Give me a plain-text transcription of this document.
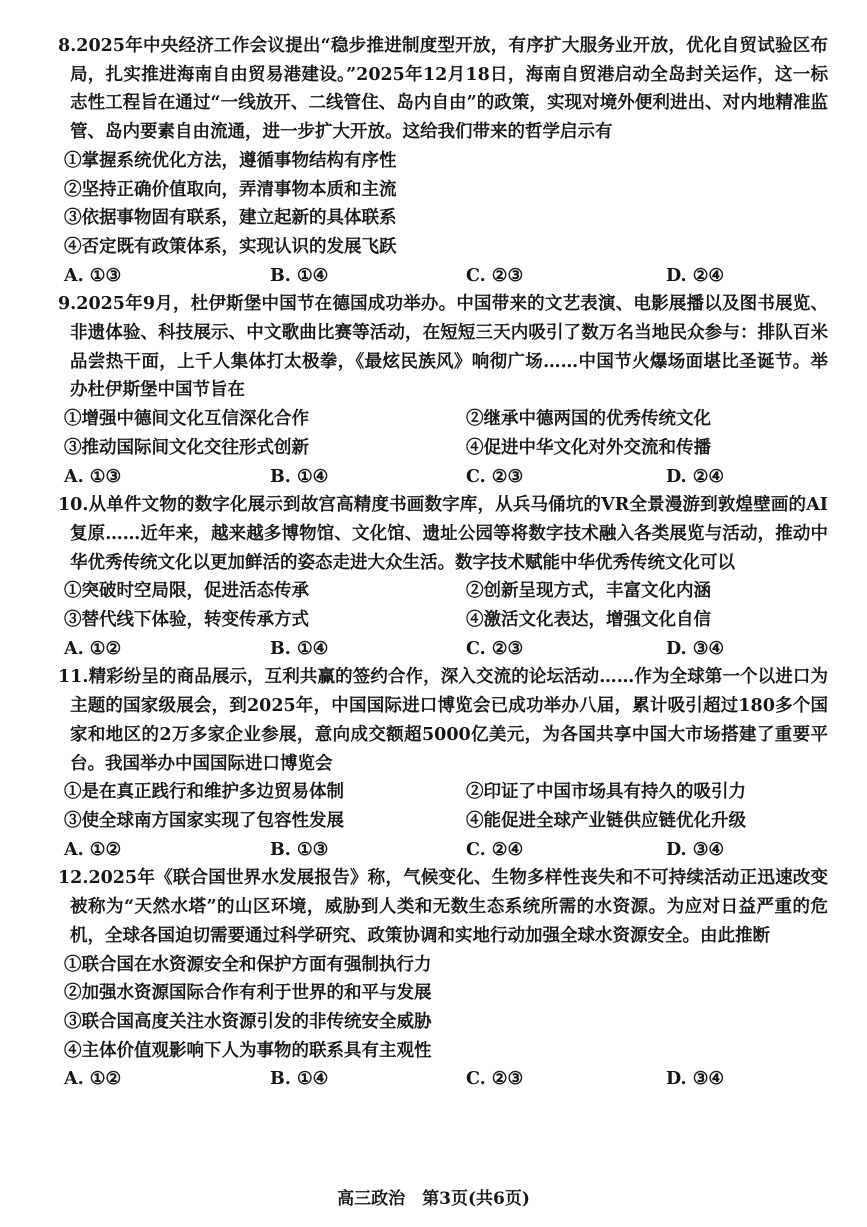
8.2025年中央经济工作会议提出“稳步推进制度型开放，有序扩大服务业开放，优化自贸试验区布局，扎实推进海南自由贸易港建设。”2025年12月18日，海南自贸港启动全岛封关运作，这一标志性工程旨在通过“一线放开、二线管住、岛内自由”的政策，实现对境外便利进出、对内地精准监管、岛内要素自由流通，进一步扩大开放。这给我们带来的哲学启示有
①掌握系统优化方法，遵循事物结构有序性
②坚持正确价值取向，弄清事物本质和主流
③依据事物固有联系，建立起新的具体联系
④否定既有政策体系，实现认识的发展飞跃
A. ①③	B. ①④	C. ②③	D. ②④
9.2025年9月，杜伊斯堡中国节在德国成功举办。中国带来的文艺表演、电影展播以及图书展览、非遗体验、科技展示、中文歌曲比赛等活动，在短短三天内吸引了数万名当地民众参与：排队百米品尝热干面，上千人集体打太极拳，《最炫民族风》响彻广场……中国节火爆场面堪比圣诞节。举办杜伊斯堡中国节旨在
①增强中德间文化互信深化合作	②继承中德两国的优秀传统文化
③推动国际间文化交往形式创新	④促进中华文化对外交流和传播
A. ①③	B. ①④	C. ②③	D. ②④
10.从单件文物的数字化展示到故宫高精度书画数字库，从兵马俑坑的VR全景漫游到敦煌壁画的AI复原……近年来，越来越多博物馆、文化馆、遗址公园等将数字技术融入各类展览与活动，推动中华优秀传统文化以更加鲜活的姿态走进大众生活。数字技术赋能中华优秀传统文化可以
①突破时空局限，促进活态传承	②创新呈现方式，丰富文化内涵
③替代线下体验，转变传承方式	④激活文化表达，增强文化自信
A. ①②	B. ①④	C. ②③	D. ③④
11.精彩纷呈的商品展示，互利共赢的签约合作，深入交流的论坛活动……作为全球第一个以进口为主题的国家级展会，到2025年，中国国际进口博览会已成功举办八届，累计吸引超过180多个国家和地区的2万多家企业参展，意向成交额超5000亿美元，为各国共享中国大市场搭建了重要平台。我国举办中国国际进口博览会
①是在真正践行和维护多边贸易体制	②印证了中国市场具有持久的吸引力
③使全球南方国家实现了包容性发展	④能促进全球产业链供应链优化升级
A. ①②	B. ①③	C. ②④	D. ③④
12.2025年《联合国世界水发展报告》称，气候变化、生物多样性丧失和不可持续活动正迅速改变被称为“天然水塔”的山区环境，威胁到人类和无数生态系统所需的水资源。为应对日益严重的危机，全球各国迫切需要通过科学研究、政策协调和实地行动加强全球水资源安全。由此推断
①联合国在水资源安全和保护方面有强制执行力
②加强水资源国际合作有利于世界的和平与发展
③联合国高度关注水资源引发的非传统安全威胁
④主体价值观影响下人为事物的联系具有主观性
A. ①②	B. ①④	C. ②③	D. ③④
高三政治　第3页(共6页)
